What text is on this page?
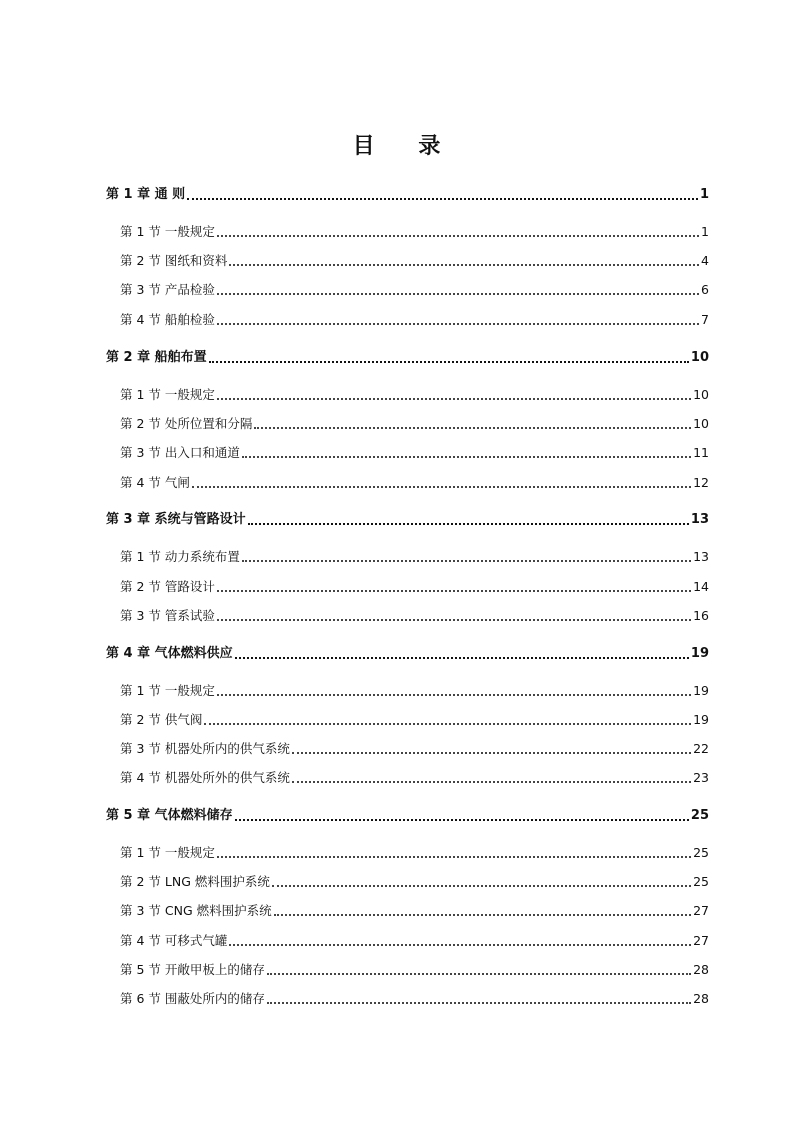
目 录
第 1 章 通 则	1
第 1 节 一般规定	1
第 2 节 图纸和资料	4
第 3 节 产品检验	6
第 4 节 船舶检验	7
第 2 章 船舶布置	10
第 1 节 一般规定	10
第 2 节 处所位置和分隔	10
第 3 节 出入口和通道	11
第 4 节 气闸	12
第 3 章 系统与管路设计	13
第 1 节 动力系统布置	13
第 2 节 管路设计	14
第 3 节 管系试验	16
第 4 章 气体燃料供应	19
第 1 节 一般规定	19
第 2 节 供气阀	19
第 3 节 机器处所内的供气系统	22
第 4 节 机器处所外的供气系统	23
第 5 章 气体燃料储存	25
第 1 节 一般规定	25
第 2 节 LNG 燃料围护系统	25
第 3 节 CNG 燃料围护系统	27
第 4 节 可移式气罐	27
第 5 节 开敞甲板上的储存	28
第 6 节 围蔽处所内的储存	28
